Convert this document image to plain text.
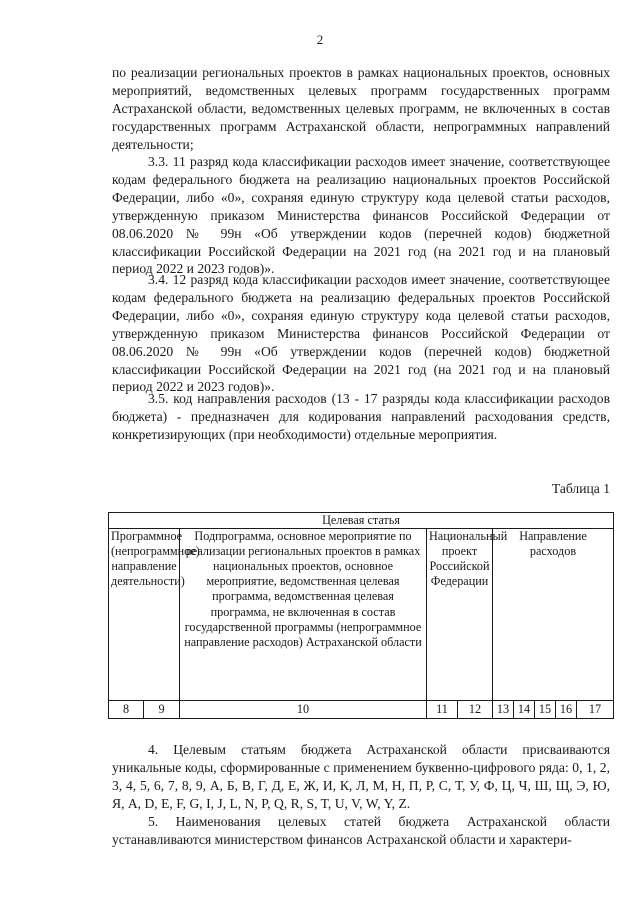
2

по реализации региональных проектов в рамках национальных проектов, основных мероприятий, ведомственных целевых программ государственных программ Астраханской области, ведомственных целевых программ, не включенных в состав государственных программ Астраханской области, непрограммных направлений деятельности;

3.3. 11 разряд кода классификации расходов имеет значение, соответствующее кодам федерального бюджета на реализацию национальных проектов Российской Федерации, либо «0», сохраняя единую структуру кода целевой статьи расходов, утвержденную приказом Министерства финансов Российской Федерации от 08.06.2020 № 99н «Об утверждении кодов (перечней кодов) бюджетной классификации Российской Федерации на 2021 год (на 2021 год и на плановый период 2022 и 2023 годов)».

3.4. 12 разряд кода классификации расходов имеет значение, соответствующее кодам федерального бюджета на реализацию федеральных проектов Российской Федерации, либо «0», сохраняя единую структуру кода целевой статьи расходов, утвержденную приказом Министерства финансов Российской Федерации от 08.06.2020 № 99н «Об утверждении кодов (перечней кодов) бюджетной классификации Российской Федерации на 2021 год (на 2021 год и на плановый период 2022 и 2023 годов)».

3.5. код направления расходов (13 - 17 разряды кода классификации расходов бюджета) - предназначен для кодирования направлений расходования средств, конкретизирующих (при необходимости) отдельные мероприятия.

Таблица 1
Целевая статья									
Программное (непрограммное) направление деятельности)		Подпрограмма, основное мероприятие по реализации региональных проектов в рамках национальных проектов, основное мероприятие, ведомственная целевая программа, ведомственная целевая программа, не включенная в состав государственной программы (непрограммное направление расходов) Астраханской области	Национальный проект Российской Федерации		Направление расходов				
8	9	10	11	12	13	14	15	16	17

4. Целевым статьям бюджета Астраханской области присваиваются уникальные коды, сформированные с применением буквенно-цифрового ряда: 0, 1, 2, 3, 4, 5, 6, 7, 8, 9, А, Б, В, Г, Д, Е, Ж, И, К, Л, М, Н, П, Р, С, Т, У, Ф, Ц, Ч, Ш, Щ, Э, Ю, Я, A, D, E, F, G, I, J, L, N, P, Q, R, S, T, U, V, W, Y, Z.

5. Наименования целевых статей бюджета Астраханской области устанавливаются министерством финансов Астраханской области и характери-
